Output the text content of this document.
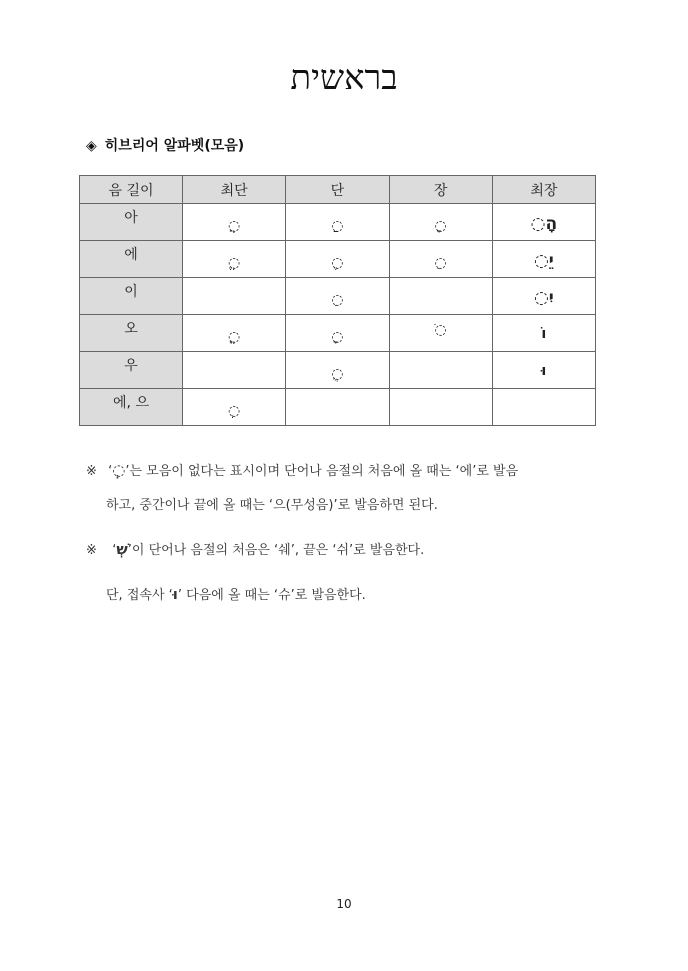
בראשית
◈ 히브리어 알파벳(모음)
음 길이	최단	단	장	최장
아	ֲ◌	ַ◌	ָ◌	הָ◌

에	ֱ◌	ֶ◌	ֵ◌	יֵ◌

이		ִ◌		יִ◌

오	ֳ◌	ָ◌	ֹ◌	וֹ

우		ֻ◌		וּ

에, 으	ְ◌			

※ ‘ְ◌’는 모음이 없다는 표시이며 단어나 음절의 처음에 올 때는 ‘에’로 발음
하고, 중간이나 끝에 올 때는 ‘으(무성음)’로 발음하면 된다.
※  ‘שְׁ’이 단어나 음절의 처음은 ‘쉐’, 끝은 ‘쉬’로 발음한다.
단, 접속사 ‘וּ’ 다음에 올 때는 ‘슈’로 발음한다.
10
